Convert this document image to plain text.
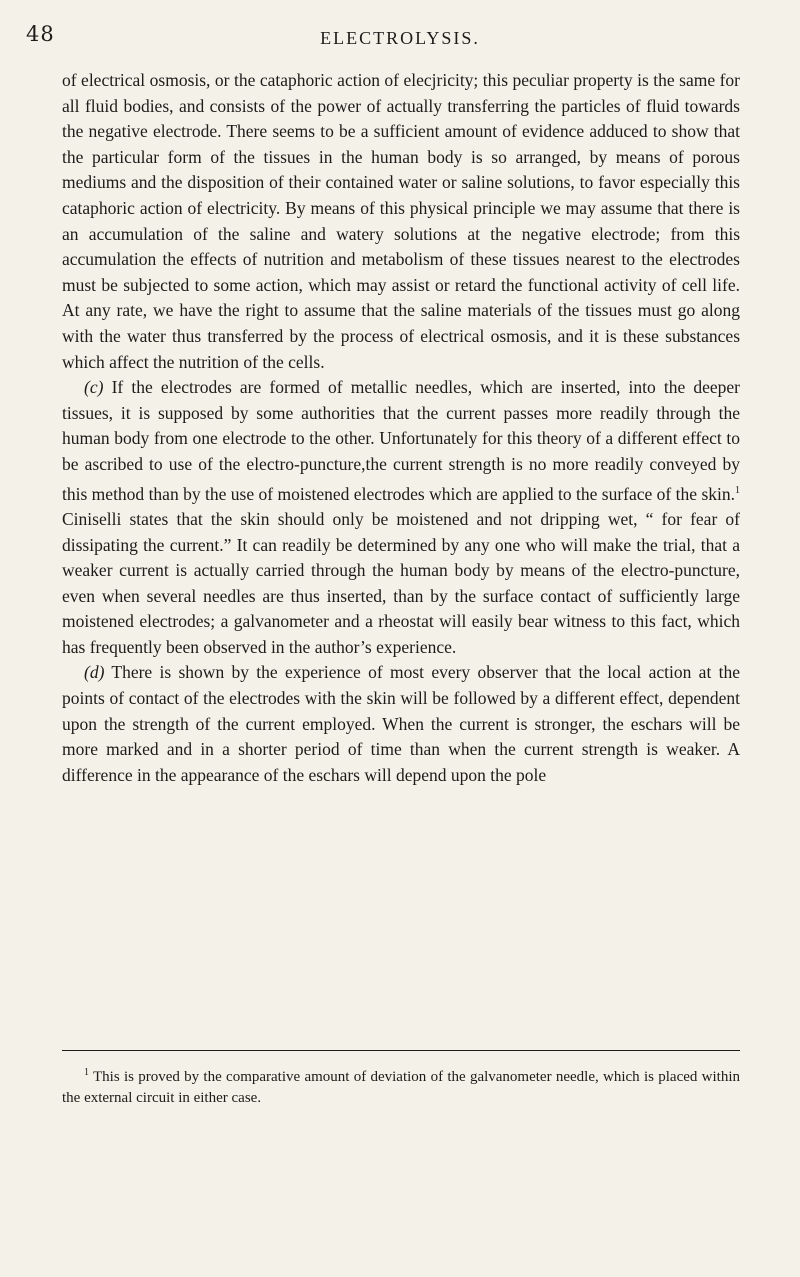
48	ELECTROLYSIS.

of electrical osmosis, or the cataphoric action of elecjricity; this peculiar property is the same for all fluid bodies, and consists of the power of actually transferring the particles of fluid towards the negative electrode. There seems to be a sufficient amount of evidence adduced to show that the particular form of the tissues in the human body is so arranged, by means of porous mediums and the disposition of their contained water or saline solutions, to favor especially this cataphoric action of electricity. By means of this physical principle we may assume that there is an accumulation of the saline and watery solutions at the negative electrode; from this accumulation the effects of nutrition and metabolism of these tissues nearest to the electrodes must be subjected to some action, which may assist or retard the functional activity of cell life. At any rate, we have the right to assume that the saline materials of the tissues must go along with the water thus transferred by the process of electrical osmosis, and it is these substances which affect the nutrition of the cells.

(c) If the electrodes are formed of metallic needles, which are inserted, into the deeper tissues, it is supposed by some authorities that the current passes more readily through the human body from one electrode to the other. Unfortunately for this theory of a different effect to be ascribed to use of the electro-puncture,the current strength is no more readily conveyed by this method than by the use of moistened electrodes which are applied to the surface of the skin.$^1$ Ciniselli states that the skin should only be moistened and not dripping wet, “ for fear of dissipating the current.” It can readily be determined by any one who will make the trial, that a weaker current is actually carried through the human body by means of the electro-puncture, even when several needles are thus inserted, than by the surface contact of sufficiently large moistened electrodes; a galvanometer and a rheostat will easily bear witness to this fact, which has frequently been observed in the author’s experience.

(d) There is shown by the experience of most every observer that the local action at the points of contact of the electrodes with the skin will be followed by a different effect, dependent upon the strength of the current employed. When the current is stronger, the eschars will be more marked and in a shorter period of time than when the current strength is weaker. A difference in the appearance of the eschars will depend upon the pole

$^1$ This is proved by the comparative amount of deviation of the galvanometer needle, which is placed within the external circuit in either case.
